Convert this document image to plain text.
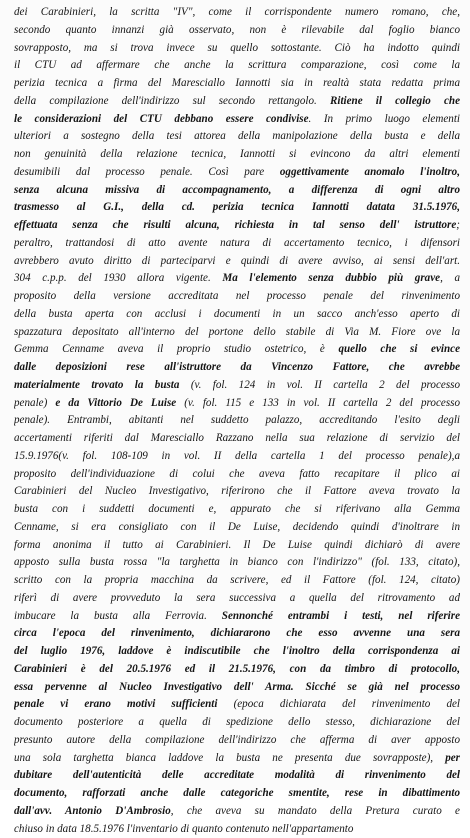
dei Carabinieri, la scritta "IV", come il corrispondente numero romano, che,
secondo quanto innanzi già osservato, non è rilevabile dal foglio bianco
sovrapposto, ma si trova invece su quello sottostante. Ciò ha indotto quindi
il CTU ad affermare che anche la scrittura comparazione, così come la
perizia tecnica a firma del Maresciallo Iannotti sia in realtà stata redatta prima
della compilazione dell'indirizzo sul secondo rettangolo. Ritiene il collegio che
le considerazioni del CTU debbano essere condivise. In primo luogo elementi
ulteriori a sostegno della tesi attorea della manipolazione della busta e della
non genuinità della relazione tecnica, Iannotti si evincono da altri elementi
desumibili dal processo penale. Così pare oggettivamente anomalo l'inoltro,
senza alcuna missiva di accompagnamento, a differenza di ogni altro
trasmesso al G.I., della cd. perizia tecnica Iannotti datata 31.5.1976,
effettuata senza che risulti alcuna, richiesta in tal senso dell' istruttore;
peraltro, trattandosi di atto avente natura di accertamento tecnico, i difensori
avrebbero avuto diritto di parteciparvi e quindi di avere avviso, ai sensi dell'art.
304 c.p.p. del 1930 allora vigente. Ma l'elemento senza dubbio più grave, a
proposito della versione accreditata nel processo penale del rinvenimento
della busta aperta con acclusi i documenti in un sacco anch'esso aperto di
spazzatura depositato all'interno del portone dello stabile di Via M. Fiore ove la
Gemma Cenname aveva il proprio studio ostetrico, è quello che si evince
dalle deposizioni rese all'istruttore da Vincenzo Fattore, che avrebbe
materialmente trovato la busta (v. fol. 124 in vol. II cartella 2 del processo
penale) e da Vittorio De Luise (v. fol. 115 e 133 in vol. II cartella 2 del processo
penale). Entrambi, abitanti nel suddetto palazzo, accreditando l'esito degli
accertamenti riferiti dal Maresciallo Razzano nella sua relazione di servizio del
15.9.1976(v. fol. 108-109 in vol. II della cartella 1 del processo penale),a
proposito dell'individuazione di colui che aveva fatto recapitare il plico ai
Carabinieri del Nucleo Investigativo, riferirono che il Fattore aveva trovato la
busta con i suddetti documenti e, appurato che si riferivano alla Gemma
Cenname, si era consigliato con il De Luise, decidendo quindi d'inoltrare in
forma anonima il tutto ai Carabinieri. Il De Luise quindi dichiarò di avere
apposto sulla busta rossa "la targhetta in bianco con l'indirizzo" (fol. 133, citato),
scritto con la propria macchina da scrivere, ed il Fattore (fol. 124, citato)
riferì di avere provveduto la sera successiva a quella del ritrovamento ad
imbucare la busta alla Ferrovia. Sennonché entrambi i testi, nel riferire
circa l'epoca del rinvenimento, dichiararono che esso avvenne una sera
del luglio 1976, laddove è indiscutibile che l'inoltro della corrispondenza ai
Carabinieri è del 20.5.1976 ed il 21.5.1976, con da timbro di protocollo,
essa pervenne al Nucleo Investigativo dell' Arma. Sicché se già nel processo
penale vi erano motivi sufficienti (epoca dichiarata del rinvenimento del
documento posteriore a quella di spedizione dello stesso, dichiarazione del
presunto autore della compilazione dell'indirizzo che afferma di aver apposto
una sola targhetta bianca laddove la busta ne presenta due sovrapposte), per
dubitare dell'autenticità delle accreditate modalità di rinvenimento del
documento, rafforzati anche dalle categoriche smentite, rese in dibattimento
dall'avv. Antonio D'Ambrosio, che aveva su mandato della Pretura curato e
chiuso in data 18.5.1976 l'inventario di quanto contenuto nell'appartamento
